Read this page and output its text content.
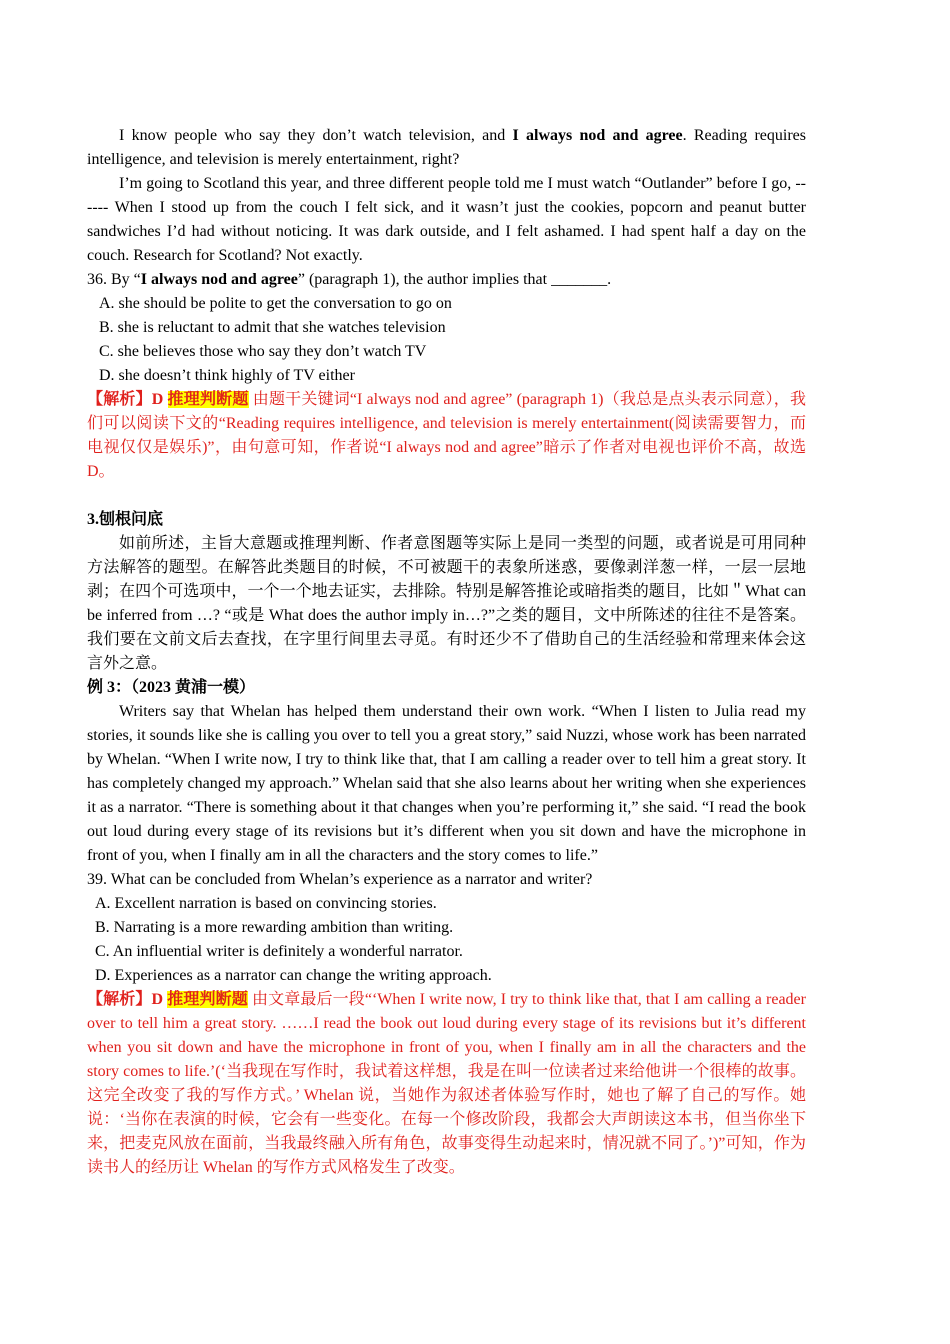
I know people who say they don’t watch television, and I always nod and agree. Reading requires intelligence, and television is merely entertainment, right?

I’m going to Scotland this year, and three different people told me I must watch “Outlander” before I go, ------ When I stood up from the couch I felt sick, and it wasn’t just the cookies, popcorn and peanut butter sandwiches I’d had without noticing. It was dark outside, and I felt ashamed. I had spent half a day on the couch. Research for Scotland? Not exactly.

36. By “I always nod and agree” (paragraph 1), the author implies that _______.

A. she should be polite to get the conversation to go on

B. she is reluctant to admit that she watches television

C. she believes those who say they don’t watch TV

D. she doesn’t think highly of TV either

【解析】D 推理判断题 由题干关键词“I always nod and agree” (paragraph 1)（我总是点头表示同意），我们可以阅读下文的“Reading requires intelligence, and television is merely entertainment(阅读需要智力，而电视仅仅是娱乐)”，由句意可知，作者说“I always nod and agree”暗示了作者对电视也评价不高，故选 D。

3.刨根问底

如前所述，主旨大意题或推理判断、作者意图题等实际上是同一类型的问题，或者说是可用同种方法解答的题型。在解答此类题目的时候，不可被题干的表象所迷惑，要像剥洋葱一样，一层一层地剥；在四个可选项中，一个一个地去证实，去排除。特别是解答推论或暗指类的题目，比如＂What can be inferred from …? “或是 What does the author imply in…?”之类的题目，文中所陈述的往往不是答案。我们要在文前文后去查找，在字里行间里去寻觅。有时还少不了借助自己的生活经验和常理来体会这言外之意。

例 3：（2023 黄浦一模）

Writers say that Whelan has helped them understand their own work. “When I listen to Julia read my stories, it sounds like she is calling you over to tell you a great story,” said Nuzzi, whose work has been narrated by Whelan. “When I write now, I try to think like that, that I am calling a reader over to tell him a great story. It has completely changed my approach.” Whelan said that she also learns about her writing when she experiences it as a narrator. “There is something about it that changes when you’re performing it,” she said. “I read the book out loud during every stage of its revisions but it’s different when you sit down and have the microphone in front of you, when I finally am in all the characters and the story comes to life.”

39. What can be concluded from Whelan’s experience as a narrator and writer?

A. Excellent narration is based on convincing stories.

B. Narrating is a more rewarding ambition than writing.

C. An influential writer is definitely a wonderful narrator.

D. Experiences as a narrator can change the writing approach.

【解析】D 推理判断题 由文章最后一段“‘When I write now, I try to think like that, that I am calling a reader over to tell him a great story. ……I read the book out loud during every stage of its revisions but it’s different when you sit down and have the microphone in front of you, when I finally am in all the characters and the story comes to life.’(‘当我现在写作时，我试着这样想，我是在叫一位读者过来给他讲一个很棒的故事。这完全改变了我的写作方式。’ Whelan 说，当她作为叙述者体验写作时，她也了解了自己的写作。她说：‘当你在表演的时候，它会有一些变化。在每一个修改阶段，我都会大声朗读这本书，但当你坐下来，把麦克风放在面前，当我最终融入所有角色，故事变得生动起来时，情况就不同了。’)”可知，作为读书人的经历让 Whelan 的写作方式风格发生了改变。
